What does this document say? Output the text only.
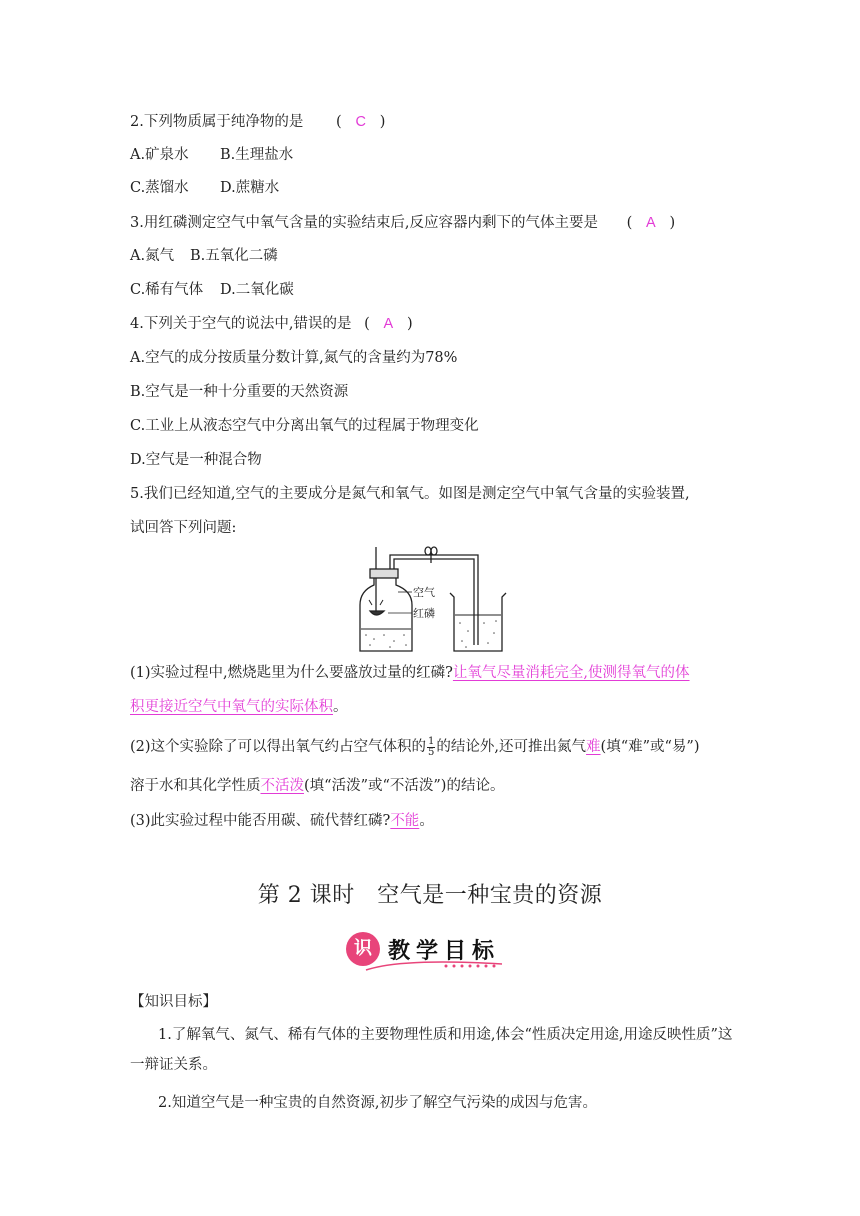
2.下列物质属于纯净物的是 (   C   )
A.矿泉水 B.生理盐水
C.蒸馏水 D.蔗糖水
3.用红磷测定空气中氧气含量的实验结束后,反应容器内剩下的气体主要是 (   A   )
A.氮气 B.五氧化二磷
C.稀有气体 D.二氧化碳
4.下列关于空气的说法中,错误的是 (   A   )
A.空气的成分按质量分数计算,氮气的含量约为78%
B.空气是一种十分重要的天然资源
C.工业上从液态空气中分离出氧气的过程属于物理变化
D.空气是一种混合物
5.我们已经知道,空气的主要成分是氮气和氧气。如图是测定空气中氧气含量的实验装置,
试回答下列问题:
空气
红磷
(1)实验过程中,燃烧匙里为什么要盛放过量的红磷?让氧气尽量消耗完全,使测得氧气的体
积更接近空气中氧气的实际体积。
(2)这个实验除了可以得出氧气约占空气体积的 $\frac{1}{5}$ 的结论外,还可推出氮气难(填“难”或“易”)
溶于水和其化学性质不活泼(填“活泼”或“不活泼”)的结论。
(3)此实验过程中能否用碳、硫代替红磷?不能。
第 2 课时　空气是一种宝贵的资源
识 教学目标
【知识目标】
1.了解氧气、氮气、稀有气体的主要物理性质和用途,体会“性质决定用途,用途反映性质”这一辩证关系。
2.知道空气是一种宝贵的自然资源,初步了解空气污染的成因与危害。
